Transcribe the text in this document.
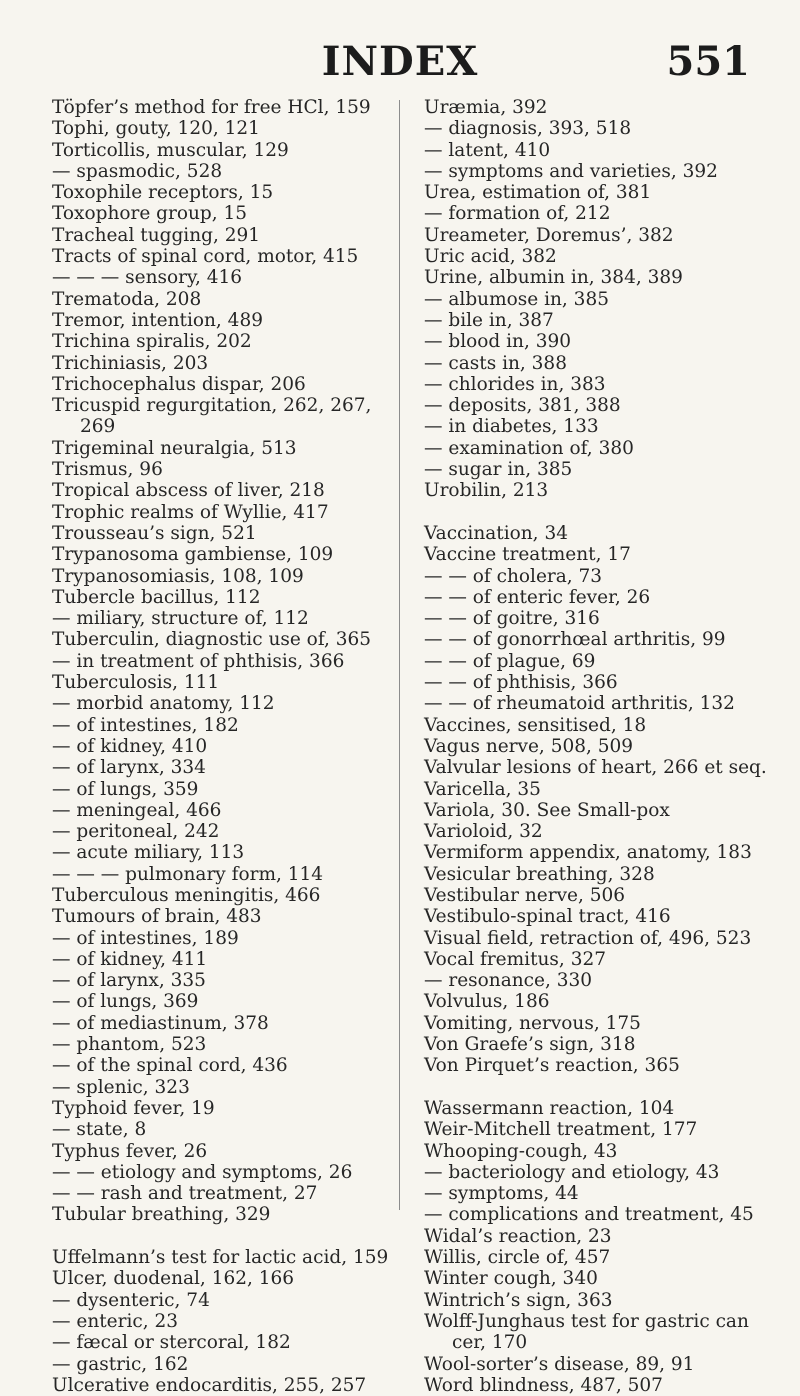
INDEX	551
Töpfer’s method for free HCl, 159
Tophi, gouty, 120, 121
Torticollis, muscular, 129
— spasmodic, 528
Toxophile receptors, 15
Toxophore group, 15
Tracheal tugging, 291
Tracts of spinal cord, motor, 415
— — — sensory, 416
Trematoda, 208
Tremor, intention, 489
Trichina spiralis, 202
Trichiniasis, 203
Trichocephalus dispar, 206
Tricuspid regurgitation, 262, 267,
269
Trigeminal neuralgia, 513
Trismus, 96
Tropical abscess of liver, 218
Trophic realms of Wyllie, 417
Trousseau’s sign, 521
Trypanosoma gambiense, 109
Trypanosomiasis, 108, 109
Tubercle bacillus, 112
— miliary, structure of, 112
Tuberculin, diagnostic use of, 365
— in treatment of phthisis, 366
Tuberculosis, 111
— morbid anatomy, 112
— of intestines, 182
— of kidney, 410
— of larynx, 334
— of lungs, 359
— meningeal, 466
— peritoneal, 242
— acute miliary, 113
— — — pulmonary form, 114
Tuberculous meningitis, 466
Tumours of brain, 483
— of intestines, 189
— of kidney, 411
— of larynx, 335
— of lungs, 369
— of mediastinum, 378
— phantom, 523
— of the spinal cord, 436
— splenic, 323
Typhoid fever, 19
— state, 8
Typhus fever, 26
— — etiology and symptoms, 26
— — rash and treatment, 27
Tubular breathing, 329
Uffelmann’s test for lactic acid, 159
Ulcer, duodenal, 162, 166
— dysenteric, 74
— enteric, 23
— fæcal or stercoral, 182
— gastric, 162
Ulcerative endocarditis, 255, 257
Uræmia, 392
— diagnosis, 393, 518
— latent, 410
— symptoms and varieties, 392
Urea, estimation of, 381
— formation of, 212
Ureameter, Doremus’, 382
Uric acid, 382
Urine, albumin in, 384, 389
— albumose in, 385
— bile in, 387
— blood in, 390
— casts in, 388
— chlorides in, 383
— deposits, 381, 388
— in diabetes, 133
— examination of, 380
— sugar in, 385
Urobilin, 213
Vaccination, 34
Vaccine treatment, 17
— — of cholera, 73
— — of enteric fever, 26
— — of goitre, 316
— — of gonorrhœal arthritis, 99
— — of plague, 69
— — of phthisis, 366
— — of rheumatoid arthritis, 132
Vaccines, sensitised, 18
Vagus nerve, 508, 509
Valvular lesions of heart, 266 et seq.
Varicella, 35
Variola, 30. See Small-pox
Varioloid, 32
Vermiform appendix, anatomy, 183
Vesicular breathing, 328
Vestibular nerve, 506
Vestibulo-spinal tract, 416
Visual field, retraction of, 496, 523
Vocal fremitus, 327
— resonance, 330
Volvulus, 186
Vomiting, nervous, 175
Von Graefe’s sign, 318
Von Pirquet’s reaction, 365
Wassermann reaction, 104
Weir-Mitchell treatment, 177
Whooping-cough, 43
— bacteriology and etiology, 43
— symptoms, 44
— complications and treatment, 45
Widal’s reaction, 23
Willis, circle of, 457
Winter cough, 340
Wintrich’s sign, 363
Wolff-Junghaus test for gastric can
cer, 170
Wool-sorter’s disease, 89, 91
Word blindness, 487, 507
